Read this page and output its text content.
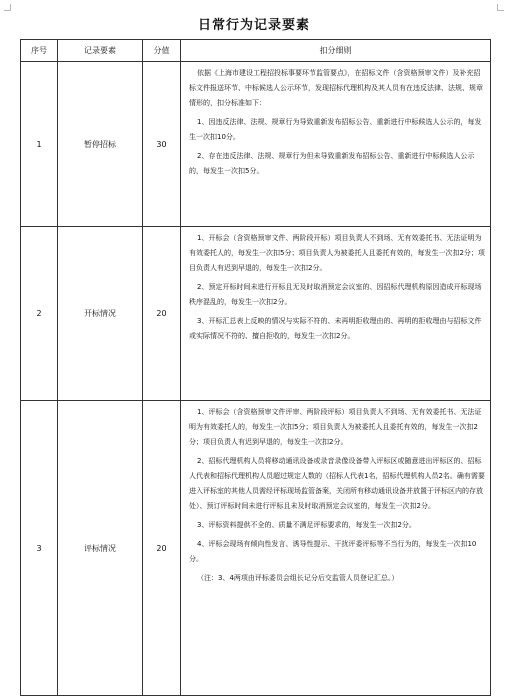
日常行为记录要素
序号	记录要素	分值	扣分细则
1	暂停招标	30	依据《上海市建设工程招投标事要环节监管要点》，在招标文件（含资格预审文件）及补充招标文件报送环节、中标候选人公示环节，发现招标代理机构及其人员有在违反法律、法规、规章情形的，扣分标准如下：

1、因违反法律、法规、规章行为导致重新发布招标公告、重新进行中标候选人公示的，每发生一次扣10分。

2、存在违反法律、法规、规章行为但未导致重新发布招标公告、重新进行中标候选人公示的，每发生一次扣5分。

2	开标情况	20	1、开标会（含资格预审文件、两阶段开标）项目负责人不到场、无有效委托书、无法证明为有效委托人的，每发生一次扣5分；项目负责人为被委托人且委托有效的，每发生一次扣2分；项目负责人有迟到早退的，每发生一次扣2分。

2、预定开标时间未进行开标且无及时取消预定会议室的、因招标代理机构原因造成开标现场秩序混乱的，每发生一次扣2分。

3、开标汇总表上反映的情况与实际不符的、未再明拒收理由的、再明的拒收理由与招标文件或实际情况不符的、擅自拒收的，每发生一次扣2分。

3	评标情况	20	1、评标会（含资格预审文件评审、两阶段评标）项目负责人不到场、无有效委托书、无法证明为有效委托人的，每发生一次扣5分；项目负责人为被委托人且委托有效的，每发生一次扣2分；项目负责人有迟到早退的，每发生一次扣2分。

2、招标代理机构人员将移动通讯设备或录音录像设备带入评标区或随意进出评标区的、招标人代表和招标代理机构人员超过规定人数的（招标人代表1名，招标代理机构人员2名。确有需要进入评标室的其他人员需经评标现场监管备案，关闭所有移动通讯设备并放置于评标区内的存放处）、预订评标时间未进行评标且未及时取消预定会议室的，每发生一次扣2分。

3、评标资料提供不全的、质量不满足评标要求的，每发生一次扣2分。

4、评标会现场有倾向性发言、诱导性提示、干扰评委评标等不当行为的，每发生一次扣10分。

（注：3、4两项由评标委员会组长记分后交监管人员登记汇总。）
